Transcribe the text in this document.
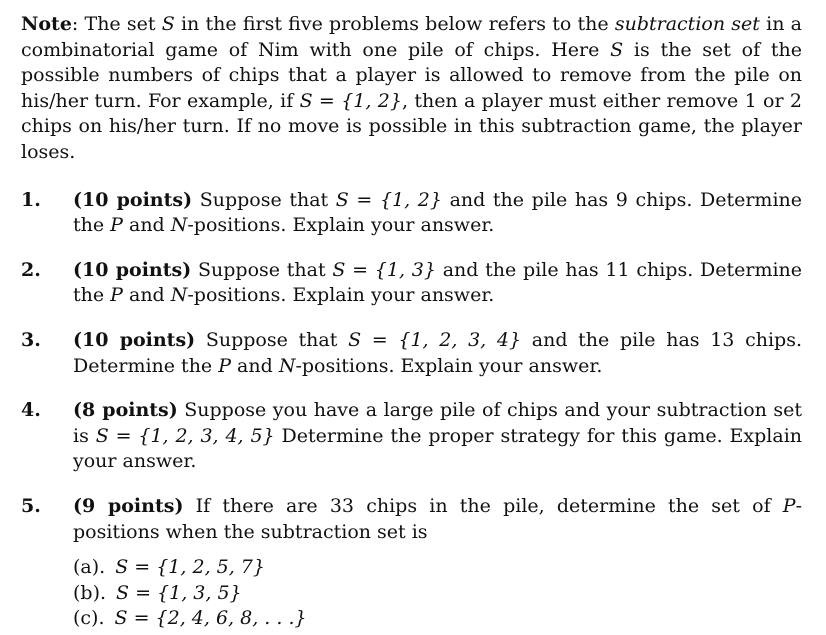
Note: The set S in the first five problems below refers to the subtraction set in a combinatorial game of Nim with one pile of chips. Here S is the set of the possible numbers of chips that a player is allowed to remove from the pile on his/her turn. For example, if S = {1, 2}, then a player must either remove 1 or 2 chips on his/her turn. If no move is possible in this subtraction game, the player loses.

1.	(10 points) Suppose that S = {1, 2} and the pile has 9 chips. Determine the P and N-positions. Explain your answer.
2.	(10 points) Suppose that S = {1, 3} and the pile has 11 chips. Determine the P and N-positions. Explain your answer.
3.	(10 points) Suppose that S = {1, 2, 3, 4} and the pile has 13 chips. Determine the P and N-positions. Explain your answer.
4.	(8 points) Suppose you have a large pile of chips and your subtraction set is S = {1, 2, 3, 4, 5} Determine the proper strategy for this game. Explain your answer.
5.	(9 points) If there are 33 chips in the pile, determine the set of P-positions when the subtraction set is
(a). S = {1, 2, 5, 7}
(b). S = {1, 3, 5}
(c). S = {2, 4, 6, 8, . . .}
